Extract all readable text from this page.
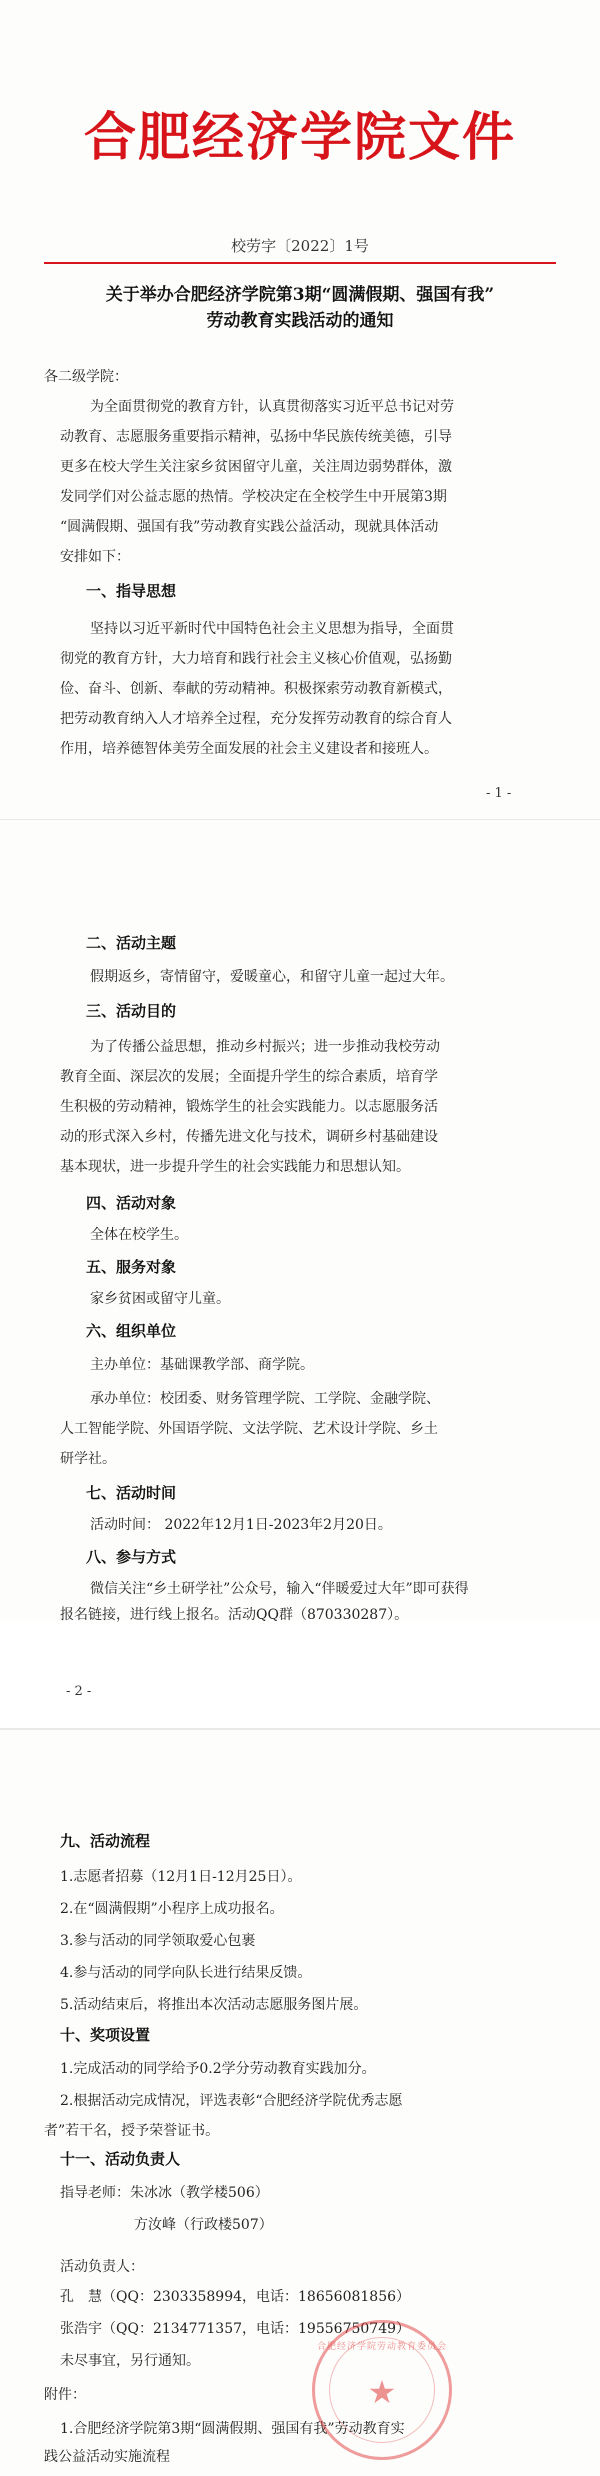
合肥经济学院文件
校劳字〔2022〕1号
关于举办合肥经济学院第3期“圆满假期、强国有我”
劳动教育实践活动的通知
各二级学院：
为全面贯彻党的教育方针，认真贯彻落实习近平总书记对劳
动教育、志愿服务重要指示精神，弘扬中华民族传统美德，引导
更多在校大学生关注家乡贫困留守儿童，关注周边弱势群体，激
发同学们对公益志愿的热情。学校决定在全校学生中开展第3期
“圆满假期、强国有我”劳动教育实践公益活动，现就具体活动
安排如下：
一、指导思想
坚持以习近平新时代中国特色社会主义思想为指导，全面贯
彻党的教育方针，大力培育和践行社会主义核心价值观，弘扬勤
俭、奋斗、创新、奉献的劳动精神。积极探索劳动教育新模式，
把劳动教育纳入人才培养全过程，充分发挥劳动教育的综合育人
作用，培养德智体美劳全面发展的社会主义建设者和接班人。
- 1 -
二、活动主题
假期返乡，寄情留守，爱暖童心，和留守儿童一起过大年。
三、活动目的
为了传播公益思想，推动乡村振兴；进一步推动我校劳动
教育全面、深层次的发展；全面提升学生的综合素质，培育学
生积极的劳动精神，锻炼学生的社会实践能力。以志愿服务活
动的形式深入乡村，传播先进文化与技术，调研乡村基础建设
基本现状，进一步提升学生的社会实践能力和思想认知。
四、活动对象
全体在校学生。
五、服务对象
家乡贫困或留守儿童。
六、组织单位
主办单位：基础课教学部、商学院。
承办单位：校团委、财务管理学院、工学院、金融学院、
人工智能学院、外国语学院、文法学院、艺术设计学院、乡土
研学社。
七、活动时间
活动时间： 2022年12月1日-2023年2月20日。
八、参与方式
微信关注“乡土研学社”公众号，输入“伴暖爱过大年”即可获得
报名链接，进行线上报名。活动QQ群（870330287）。
- 2 -
九、活动流程
1.志愿者招募（12月1日-12月25日）。
2.在“圆满假期”小程序上成功报名。
3.参与活动的同学领取爱心包裹
4.参与活动的同学向队长进行结果反馈。
5.活动结束后，将推出本次活动志愿服务图片展。
十、奖项设置
1.完成活动的同学给予0.2学分劳动教育实践加分。
2.根据活动完成情况，评选表彰“合肥经济学院优秀志愿
者”若干名，授予荣誉证书。
十一、活动负责人
指导老师：朱冰冰（教学楼506）
方汝峰（行政楼507）
活动负责人：
孔　慧（QQ：2303358994，电话：18656081856）
张浩宇（QQ：2134771357，电话：19556750749）
未尽事宜，另行通知。
附件：
1.合肥经济学院第3期“圆满假期、强国有我”劳动教育实
践公益活动实施流程
合肥经济学院劳动教育委员会
★
